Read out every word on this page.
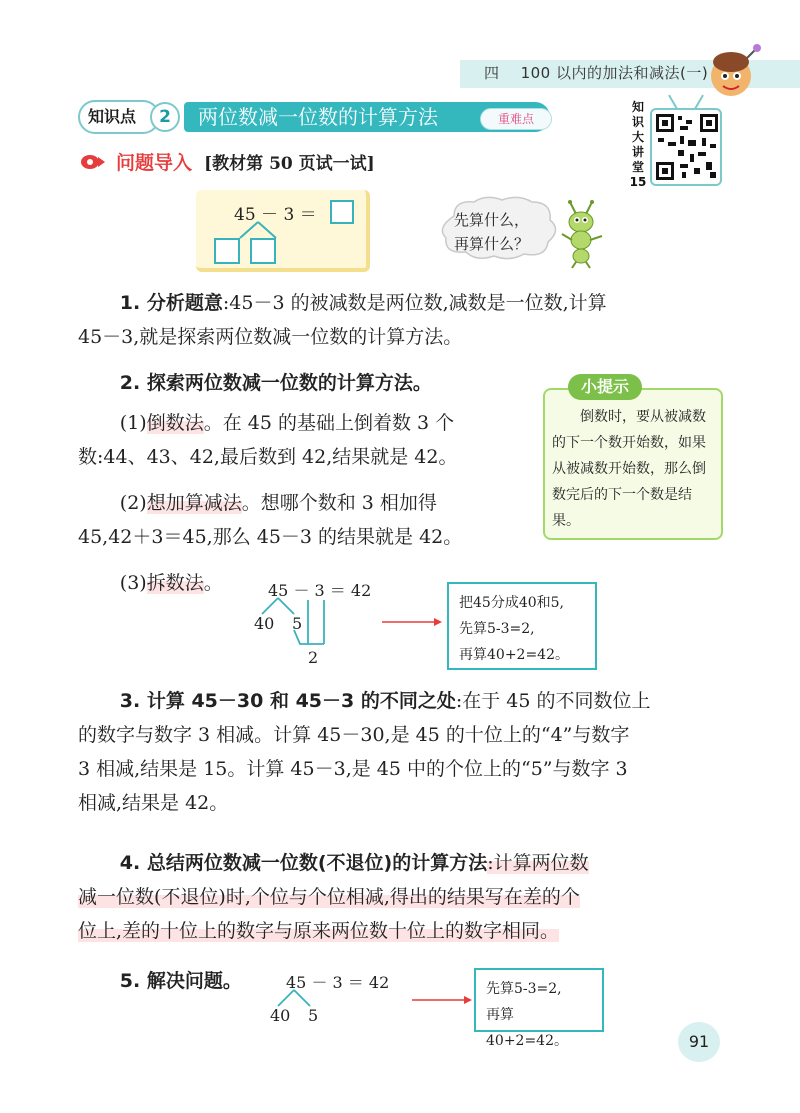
四 100 以内的加法和减法(一)
知识点	两位数减一位数的计算方法
2	重难点
知识大讲堂15
问题导入 [教材第 50 页试一试]
45 － 3 ＝	先算什么，
再算什么？
1. 分析题意:45－3 的被减数是两位数,减数是一位数,计算
45－3,就是探索两位数减一位数的计算方法。
2. 探索两位数减一位数的计算方法。
(1)倒数法。在 45 的基础上倒着数 3 个
数:44、43、42,最后数到 42,结果就是 42。
(2)想加算减法。想哪个数和 3 相加得
45,42＋3＝45,那么 45－3 的结果就是 42。
(3)拆数法。
小提示
倒数时，要从被减数的下一个数开始数，如果从被减数开始数，那么倒数完后的下一个数是结果。
45 － 3 ＝ 42
40 5
2
把45分成40和5,
先算5-3=2,
再算40+2=42。
3. 计算 45－30 和 45－3 的不同之处:在于 45 的不同数位上
的数字与数字 3 相减。计算 45－30,是 45 的十位上的“4”与数字
3 相减,结果是 15。计算 45－3,是 45 中的个位上的“5”与数字 3
相减,结果是 42。
4. 总结两位数减一位数(不退位)的计算方法:计算两位数
减一位数(不退位)时,个位与个位相减,得出的结果写在差的个
位上,差的十位上的数字与原来两位数十位上的数字相同。
5. 解决问题。	45 － 3 ＝ 42
40 5
先算5-3=2,
再算40+2=42。	91
